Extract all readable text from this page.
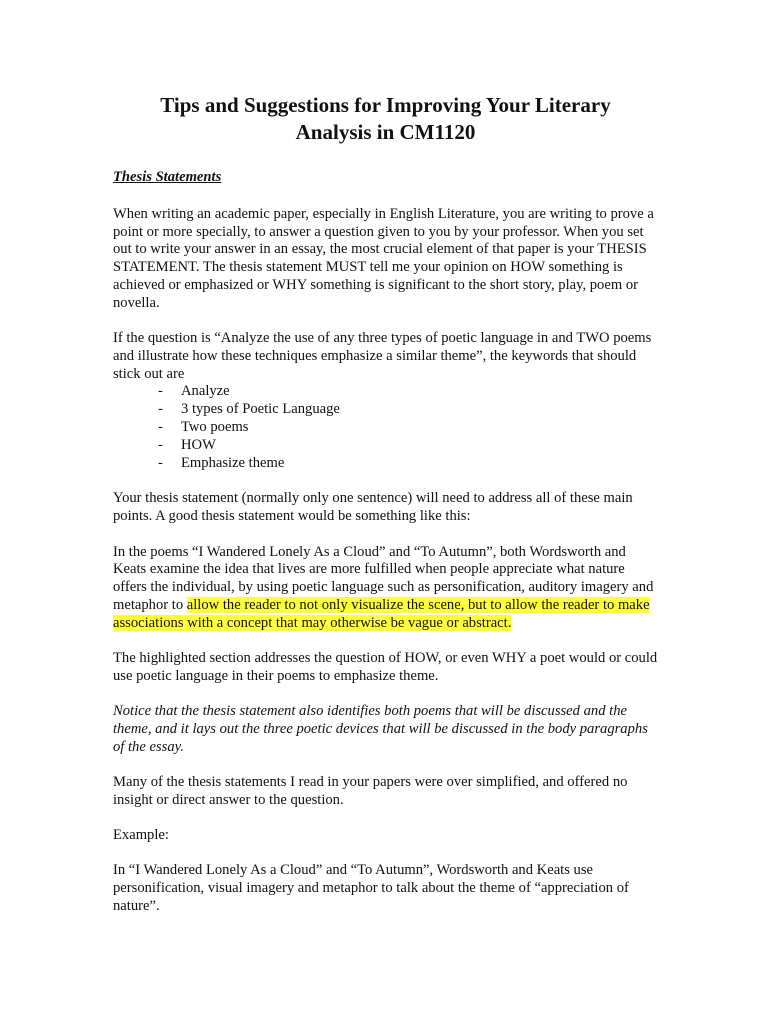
Tips and Suggestions for Improving Your Literary
Analysis in CM1120
Thesis Statements

When writing an academic paper, especially in English Literature, you are writing to prove a point or more specially, to answer a question given to you by your professor. When you set out to write your answer in an essay, the most crucial element of that paper is your THESIS STATEMENT. The thesis statement MUST tell me your opinion on HOW something is achieved or emphasized or WHY something is significant to the short story, play, poem or novella.

If the question is “Analyze the use of any three types of poetic language in and TWO poems and illustrate how these techniques emphasize a similar theme”, the keywords that should stick out are

- Analyze
- 3 types of Poetic Language
- Two poems
- HOW
- Emphasize theme

Your thesis statement (normally only one sentence) will need to address all of these main points. A good thesis statement would be something like this:

In the poems “I Wandered Lonely As a Cloud” and “To Autumn”, both Wordsworth and Keats examine the idea that lives are more fulfilled when people appreciate what nature offers the individual, by using poetic language such as personification, auditory imagery and metaphor to allow the reader to not only visualize the scene, but to allow the reader to make associations with a concept that may otherwise be vague or abstract.

The highlighted section addresses the question of HOW, or even WHY a poet would or could use poetic language in their poems to emphasize theme.

Notice that the thesis statement also identifies both poems that will be discussed and the theme, and it lays out the three poetic devices that will be discussed in the body paragraphs of the essay.

Many of the thesis statements I read in your papers were over simplified, and offered no insight or direct answer to the question.

Example:

In “I Wandered Lonely As a Cloud” and “To Autumn”, Wordsworth and Keats use personification, visual imagery and metaphor to talk about the theme of “appreciation of nature”.
